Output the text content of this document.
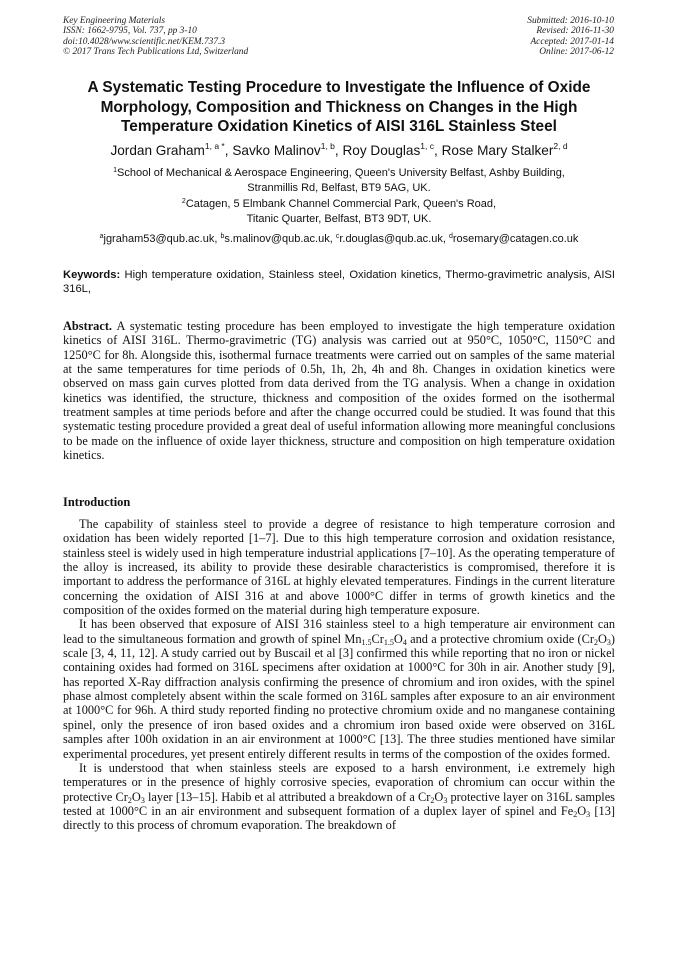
Key Engineering Materials
ISSN: 1662-9795, Vol. 737, pp 3-10
doi:10.4028/www.scientific.net/KEM.737.3
© 2017 Trans Tech Publications Ltd, Switzerland
Submitted: 2016-10-10
Revised: 2016-11-30
Accepted: 2017-01-14
Online: 2017-06-12
A Systematic Testing Procedure to Investigate the Influence of Oxide Morphology, Composition and Thickness on Changes in the High Temperature Oxidation Kinetics of AISI 316L Stainless Steel
Jordan Graham$^{1, a *}$, Savko Malinov$^{1, b}$, Roy Douglas$^{1, c}$, Rose Mary Stalker$^{2, d}$
$^1$School of Mechanical & Aerospace Engineering, Queen's University Belfast, Ashby Building,
Stranmillis Rd, Belfast, BT9 5AG, UK.
$^2$Catagen, 5 Elmbank Channel Commercial Park, Queen's Road,
Titanic Quarter, Belfast, BT3 9DT, UK.
$^a$jgraham53@qub.ac.uk, $^b$s.malinov@qub.ac.uk, $^c$r.douglas@qub.ac.uk, $^d$rosemary@catagen.co.uk
Keywords: High temperature oxidation, Stainless steel, Oxidation kinetics, Thermo-gravimetric analysis, AISI 316L,
Abstract. A systematic testing procedure has been employed to investigate the high temperature oxidation kinetics of AISI 316L. Thermo-gravimetric (TG) analysis was carried out at 950°C, 1050°C, 1150°C and 1250°C for 8h. Alongside this, isothermal furnace treatments were carried out on samples of the same material at the same temperatures for time periods of 0.5h, 1h, 2h, 4h and 8h. Changes in oxidation kinetics were observed on mass gain curves plotted from data derived from the TG analysis. When a change in oxidation kinetics was identified, the structure, thickness and composition of the oxides formed on the isothermal treatment samples at time periods before and after the change occurred could be studied. It was found that this systematic testing procedure provided a great deal of useful information allowing more meaningful conclusions to be made on the influence of oxide layer thickness, structure and composition on high temperature oxidation kinetics.
Introduction

The capability of stainless steel to provide a degree of resistance to high temperature corrosion and oxidation has been widely reported [1–7]. Due to this high temperature corrosion and oxidation resistance, stainless steel is widely used in high temperature industrial applications [7–10]. As the operating temperature of the alloy is increased, its ability to provide these desirable characteristics is compromised, therefore it is important to address the performance of 316L at highly elevated temperatures. Findings in the current literature concerning the oxidation of AISI 316 at and above 1000°C differ in terms of growth kinetics and the composition of the oxides formed on the material during high temperature exposure.

It has been observed that exposure of AISI 316 stainless steel to a high temperature air environment can lead to the simultaneous formation and growth of spinel $Mn_{1.5}Cr_{1.5}O_4$ and a protective chromium oxide $(Cr_2O_3)$ scale [3, 4, 11, 12]. A study carried out by Buscail et al [3] confirmed this while reporting that no iron or nickel containing oxides had formed on 316L specimens after oxidation at 1000°C for 30h in air. Another study [9], has reported X-Ray diffraction analysis confirming the presence of chromium and iron oxides, with the spinel phase almost completely absent within the scale formed on 316L samples after exposure to an air environment at 1000°C for 96h. A third study reported finding no protective chromium oxide and no manganese containing spinel, only the presence of iron based oxides and a chromium iron based oxide were observed on 316L samples after 100h oxidation in an air environment at 1000°C [13]. The three studies mentioned have similar experimental procedures, yet present entirely different results in terms of the compostion of the oxides formed.

It is understood that when stainless steels are exposed to a harsh environment, i.e extremely high temperatures or in the presence of highly corrosive species, evaporation of chromium can occur within the protective $Cr_2O_3$ layer [13–15]. Habib et al attributed a breakdown of a $Cr_2O_3$ protective layer on 316L samples tested at 1000°C in an air environment and subsequent formation of a duplex layer of spinel and $Fe_2O_3$ [13] directly to this process of chromum evaporation. The breakdown of
